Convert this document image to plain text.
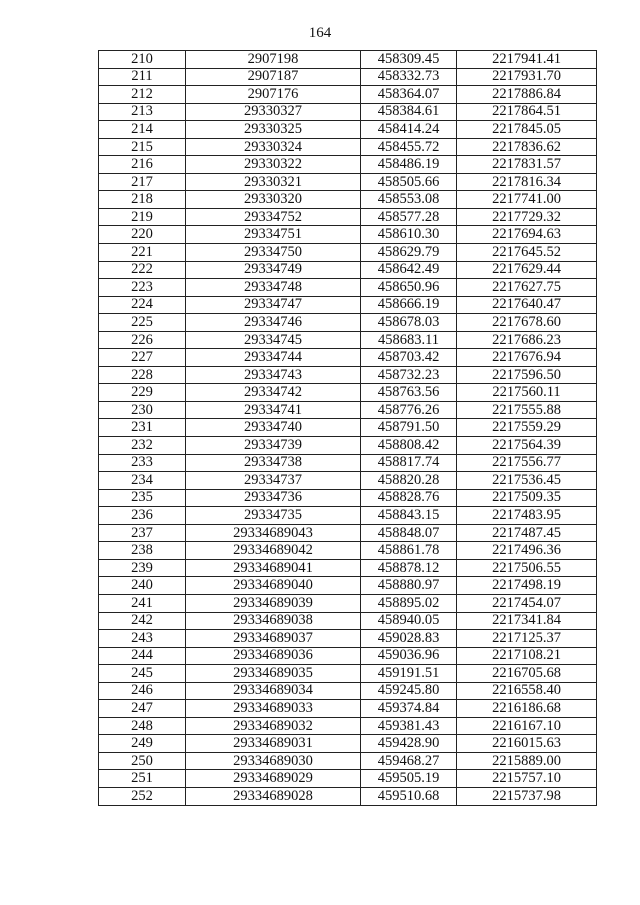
164
210	2907198	458309.45	2217941.41
211	2907187	458332.73	2217931.70
212	2907176	458364.07	2217886.84
213	29330327	458384.61	2217864.51
214	29330325	458414.24	2217845.05
215	29330324	458455.72	2217836.62
216	29330322	458486.19	2217831.57
217	29330321	458505.66	2217816.34
218	29330320	458553.08	2217741.00
219	29334752	458577.28	2217729.32
220	29334751	458610.30	2217694.63
221	29334750	458629.79	2217645.52
222	29334749	458642.49	2217629.44
223	29334748	458650.96	2217627.75
224	29334747	458666.19	2217640.47
225	29334746	458678.03	2217678.60
226	29334745	458683.11	2217686.23
227	29334744	458703.42	2217676.94
228	29334743	458732.23	2217596.50
229	29334742	458763.56	2217560.11
230	29334741	458776.26	2217555.88
231	29334740	458791.50	2217559.29
232	29334739	458808.42	2217564.39
233	29334738	458817.74	2217556.77
234	29334737	458820.28	2217536.45
235	29334736	458828.76	2217509.35
236	29334735	458843.15	2217483.95
237	29334689043	458848.07	2217487.45
238	29334689042	458861.78	2217496.36
239	29334689041	458878.12	2217506.55
240	29334689040	458880.97	2217498.19
241	29334689039	458895.02	2217454.07
242	29334689038	458940.05	2217341.84
243	29334689037	459028.83	2217125.37
244	29334689036	459036.96	2217108.21
245	29334689035	459191.51	2216705.68
246	29334689034	459245.80	2216558.40
247	29334689033	459374.84	2216186.68
248	29334689032	459381.43	2216167.10
249	29334689031	459428.90	2216015.63
250	29334689030	459468.27	2215889.00
251	29334689029	459505.19	2215757.10
252	29334689028	459510.68	2215737.98
